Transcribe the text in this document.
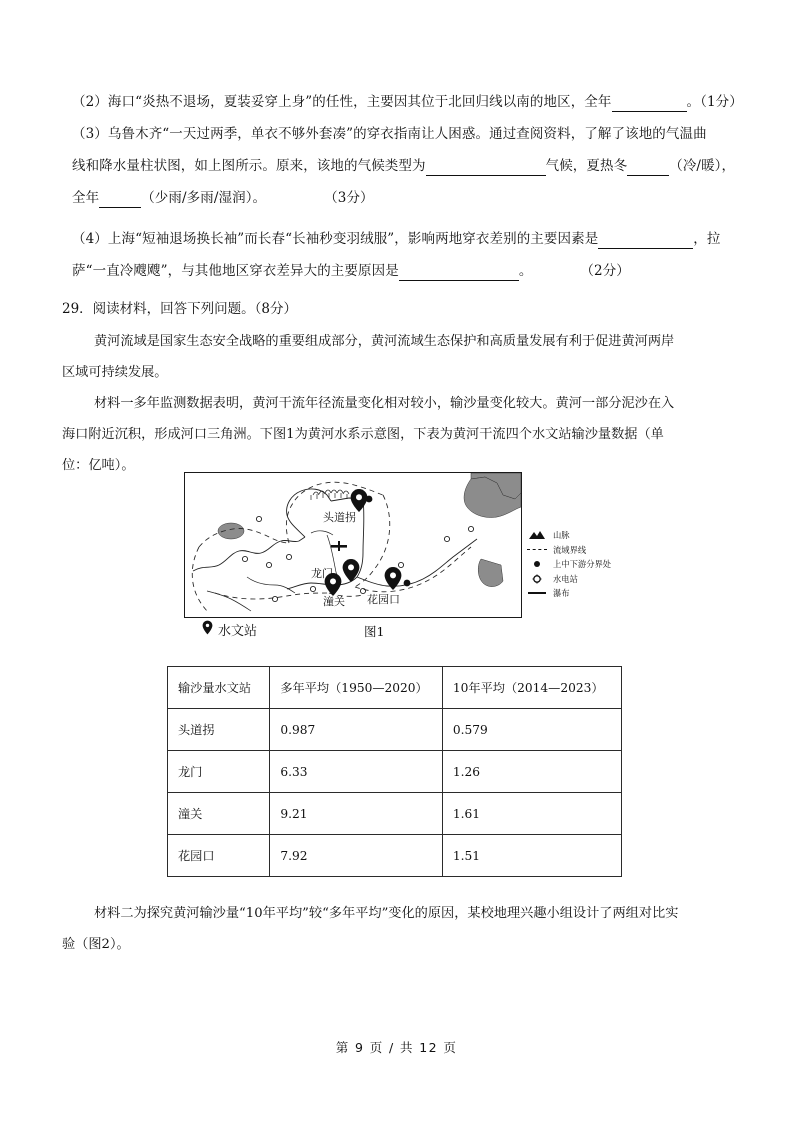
（2）海口“炎热不退场，夏装妥穿上身”的任性，主要因其位于北回归线以南的地区，全年	。（1分）
（3）乌鲁木齐“一天过两季，单衣不够外套凑”的穿衣指南让人困惑。通过查阅资料，了解了该地的气温曲
线和降水量柱状图，如上图所示。原来，该地的气候类型为	气候，夏热冬	（冷/暖），
全年	（少雨/多雨/湿润）。	（3分）
（4）上海“短袖退场换长袖”而长春“长袖秒变羽绒服”，影响两地穿衣差别的主要因素是	，拉
萨“一直冷飕飕”，与其他地区穿衣差异大的主要原因是	。	（2分）
29．阅读材料，回答下列问题。（8分）
黄河流域是国家生态安全战略的重要组成部分，黄河流域生态保护和高质量发展有利于促进黄河两岸
区域可持续发展。
材料一多年监测数据表明，黄河干流年径流量变化相对较小，输沙量变化较大。黄河一部分泥沙在入
海口附近沉积，形成河口三角洲。下图1为黄河水系示意图，下表为黄河干流四个水文站输沙量数据（单
位：亿吨）。
头道拐
龙门
潼关 花园口
山脉
流域界线
上中下游分界处
水电站
瀑布
水文站	图1
输沙量水文站	多年平均（1950—2020）	10年平均（2014—2023）
头道拐	0.987	0.579
龙门	6.33	1.26
潼关	9.21	1.61
花园口	7.92	1.51
材料二为探究黄河输沙量“10年平均”较“多年平均”变化的原因，某校地理兴趣小组设计了两组对比实
验（图2）。
第 9 页 / 共 12 页
